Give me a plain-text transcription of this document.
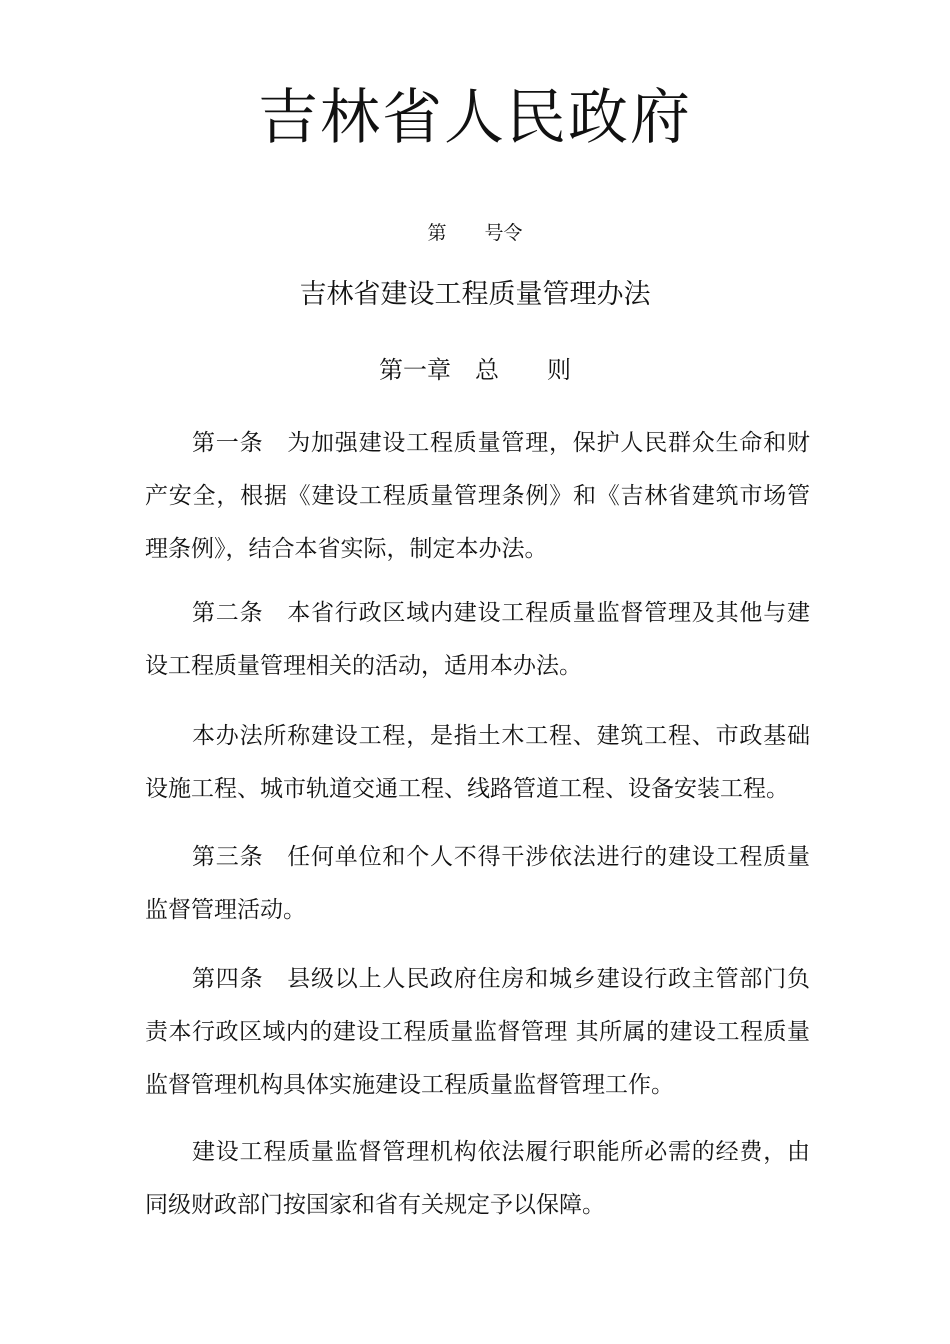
吉林省人民政府
第　　号令
吉林省建设工程质量管理办法
第一章　总　　则

第一条　为加强建设工程质量管理，保护人民群众生命和财产安全，根据《建设工程质量管理条例》和《吉林省建筑市场管理条例》，结合本省实际，制定本办法。

第二条　本省行政区域内建设工程质量监督管理及其他与建设工程质量管理相关的活动，适用本办法。

本办法所称建设工程，是指土木工程、建筑工程、市政基础设施工程、城市轨道交通工程、线路管道工程、设备安装工程。

第三条　任何单位和个人不得干涉依法进行的建设工程质量监督管理活动。

第四条　县级以上人民政府住房和城乡建设行政主管部门负责本行政区域内的建设工程质量监督管理 其所属的建设工程质量监督管理机构具体实施建设工程质量监督管理工作。

建设工程质量监督管理机构依法履行职能所必需的经费，由同级财政部门按国家和省有关规定予以保障。
